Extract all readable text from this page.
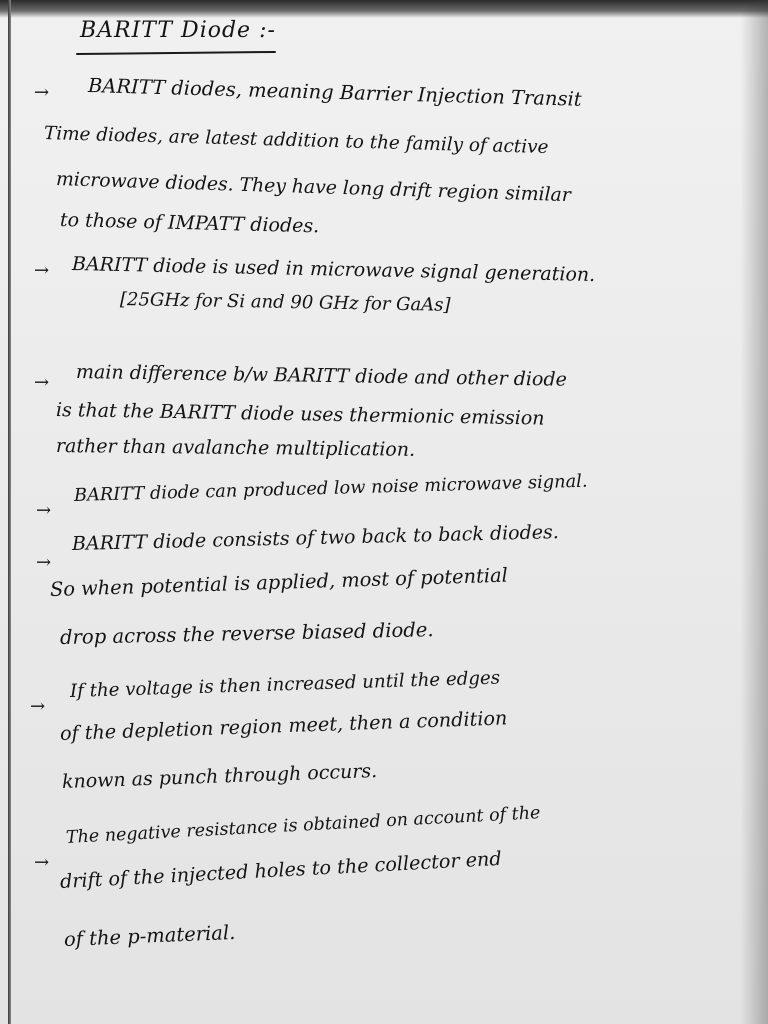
BARITT Diode :-
→ BARITT diodes, meaning Barrier Injection Transit
Time diodes, are latest addition to the family of active
microwave diodes. They have long drift region similar
to those of IMPATT diodes.
→ BARITT diode is used in microwave signal generation.
[25GHz for Si and 90 GHz for GaAs]
→ main difference b/w BARITT diode and other diode
is that the BARITT diode uses thermionic emission
rather than avalanche multiplication.
→
BARITT diode can produced low noise microwave signal.
→
BARITT diode consists of two back to back diodes.
So when potential is applied, most of potential
drop across the reverse biased diode.
→
If the voltage is then increased until the edges
of the depletion region meet, then a condition
known as punch through occurs.
→
The negative resistance is obtained on account of the
drift of the injected holes to the collector end
of the p-material.
